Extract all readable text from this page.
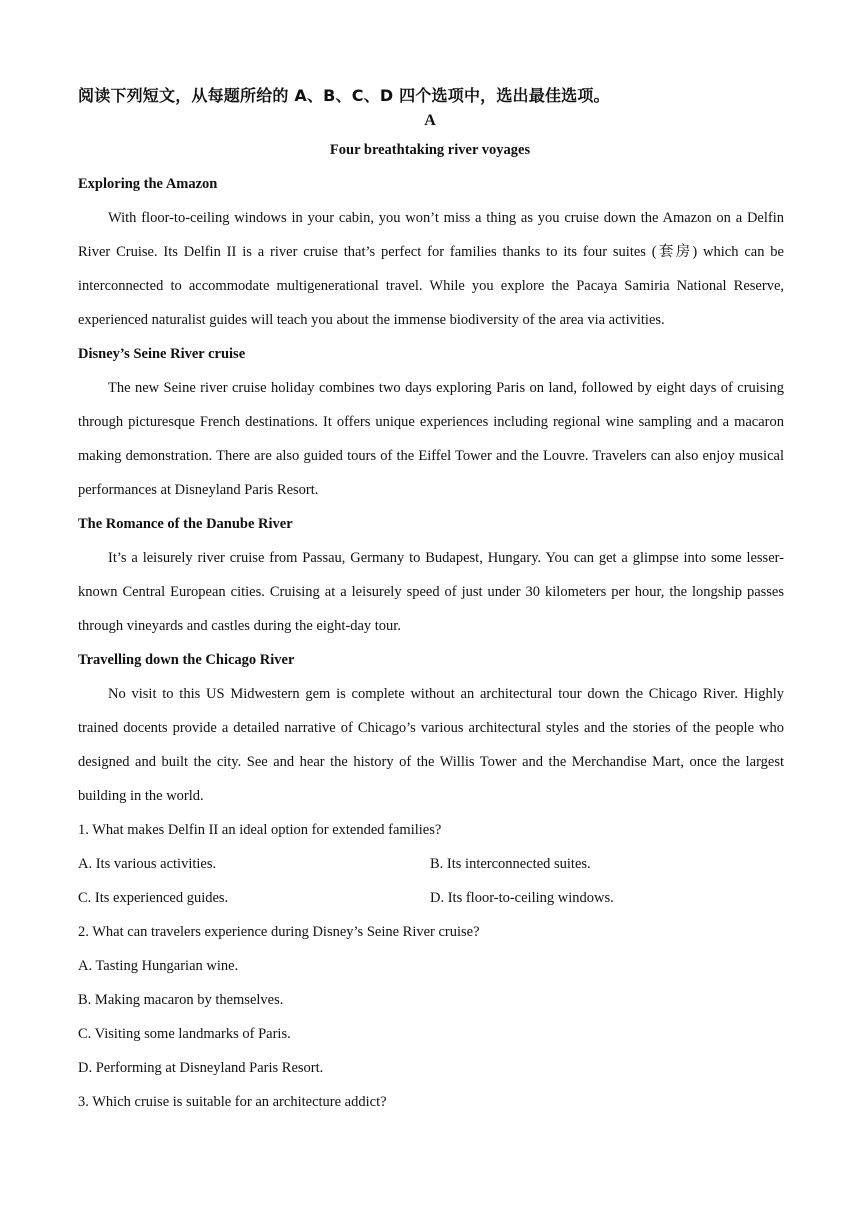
阅读下列短文，从每题所给的 A、B、C、D 四个选项中，选出最佳选项。
A
Four breathtaking river voyages
Exploring the Amazon
With floor-to-ceiling windows in your cabin, you won’t miss a thing as you cruise down the Amazon on a Delfin River Cruise. Its Delfin II is a river cruise that’s perfect for families thanks to its four suites (套房) which can be interconnected to accommodate multigenerational travel. While you explore the Pacaya Samiria National Reserve, experienced naturalist guides will teach you about the immense biodiversity of the area via activities.
Disney’s Seine River cruise
The new Seine river cruise holiday combines two days exploring Paris on land, followed by eight days of cruising through picturesque French destinations. It offers unique experiences including regional wine sampling and a macaron making demonstration. There are also guided tours of the Eiffel Tower and the Louvre. Travelers can also enjoy musical performances at Disneyland Paris Resort.
The Romance of the Danube River
It’s a leisurely river cruise from Passau, Germany to Budapest, Hungary. You can get a glimpse into some lesser-known Central European cities. Cruising at a leisurely speed of just under 30 kilometers per hour, the longship passes through vineyards and castles during the eight-day tour.
Travelling down the Chicago River
No visit to this US Midwestern gem is complete without an architectural tour down the Chicago River. Highly trained docents provide a detailed narrative of Chicago’s various architectural styles and the stories of the people who designed and built the city. See and hear the history of the Willis Tower and the Merchandise Mart, once the largest building in the world.
1. What makes Delfin II an ideal option for extended families?
A. Its various activities.	B. Its interconnected suites.
C. Its experienced guides.	D. Its floor-to-ceiling windows.
2. What can travelers experience during Disney’s Seine River cruise?
A. Tasting Hungarian wine.
B. Making macaron by themselves.
C. Visiting some landmarks of Paris.
D. Performing at Disneyland Paris Resort.
3. Which cruise is suitable for an architecture addict?
